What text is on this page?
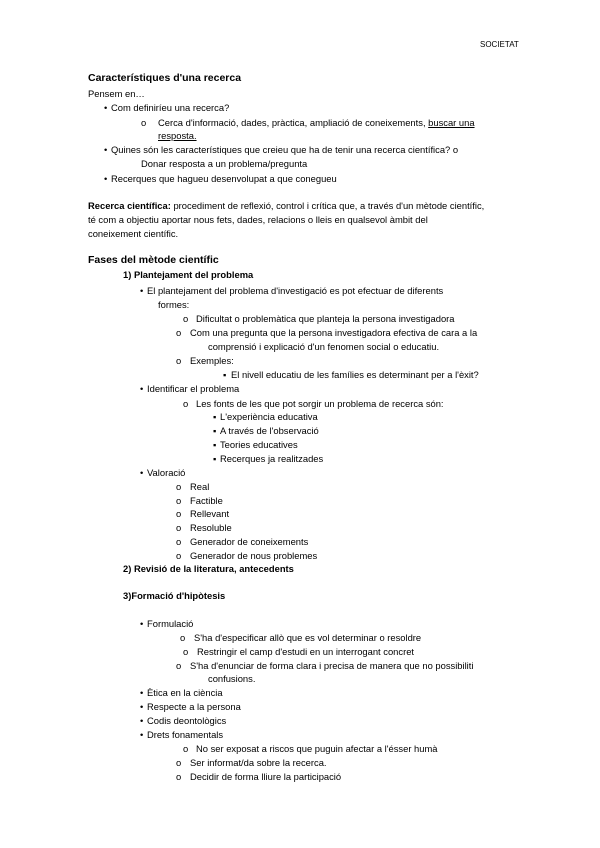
SOCIETAT
Característiques d'una recerca
Pensem en…
• Com definiríeu una recerca?
o Cerca d'informació, dades, pràctica, ampliació de coneixements, buscar una
resposta.
• Quines són les característiques que creieu que ha de tenir una recerca científica? o
Donar resposta a un problema/pregunta
• Recerques que hagueu desenvolupat a que conegueu
Recerca científica: procediment de reflexió, control i crítica que, a través d'un mètode científic,
té com a objectiu aportar nous fets, dades, relacions o lleis en qualsevol àmbit del
coneixement científic.
Fases del mètode científic
1) Plantejament del problema
• El plantejament del problema d'investigació es pot efectuar de diferents
formes:
o Dificultat o problemàtica que planteja la persona investigadora
o Com una pregunta que la persona investigadora efectiva de cara a la
comprensió i explicació d'un fenomen social o educatiu.
o Exemples:
▪ El nivell educatiu de les famílies es determinant per a l'èxit?
• Identificar el problema
o Les fonts de les que pot sorgir un problema de recerca són:
▪ L'experiència educativa
▪ A través de l'observació
▪ Teories educatives
▪ Recerques ja realitzades
• Valoració
o Real
o Factible
o Rellevant
o Resoluble
o Generador de coneixements
o Generador de nous problemes
2) Revisió de la literatura, antecedents
3)Formació d'hipòtesis
• Formulació
o S'ha d'especificar allò que es vol determinar o resoldre
o Restringir el camp d'estudi en un interrogant concret
o S'ha d'enunciar de forma clara i precisa de manera que no possibiliti
confusions.
• Ètica en la ciència
• Respecte a la persona
• Codis deontològics
• Drets fonamentals
o No ser exposat a riscos que puguin afectar a l'ésser humà
o Ser informat/da sobre la recerca.
o Decidir de forma lliure la participació
